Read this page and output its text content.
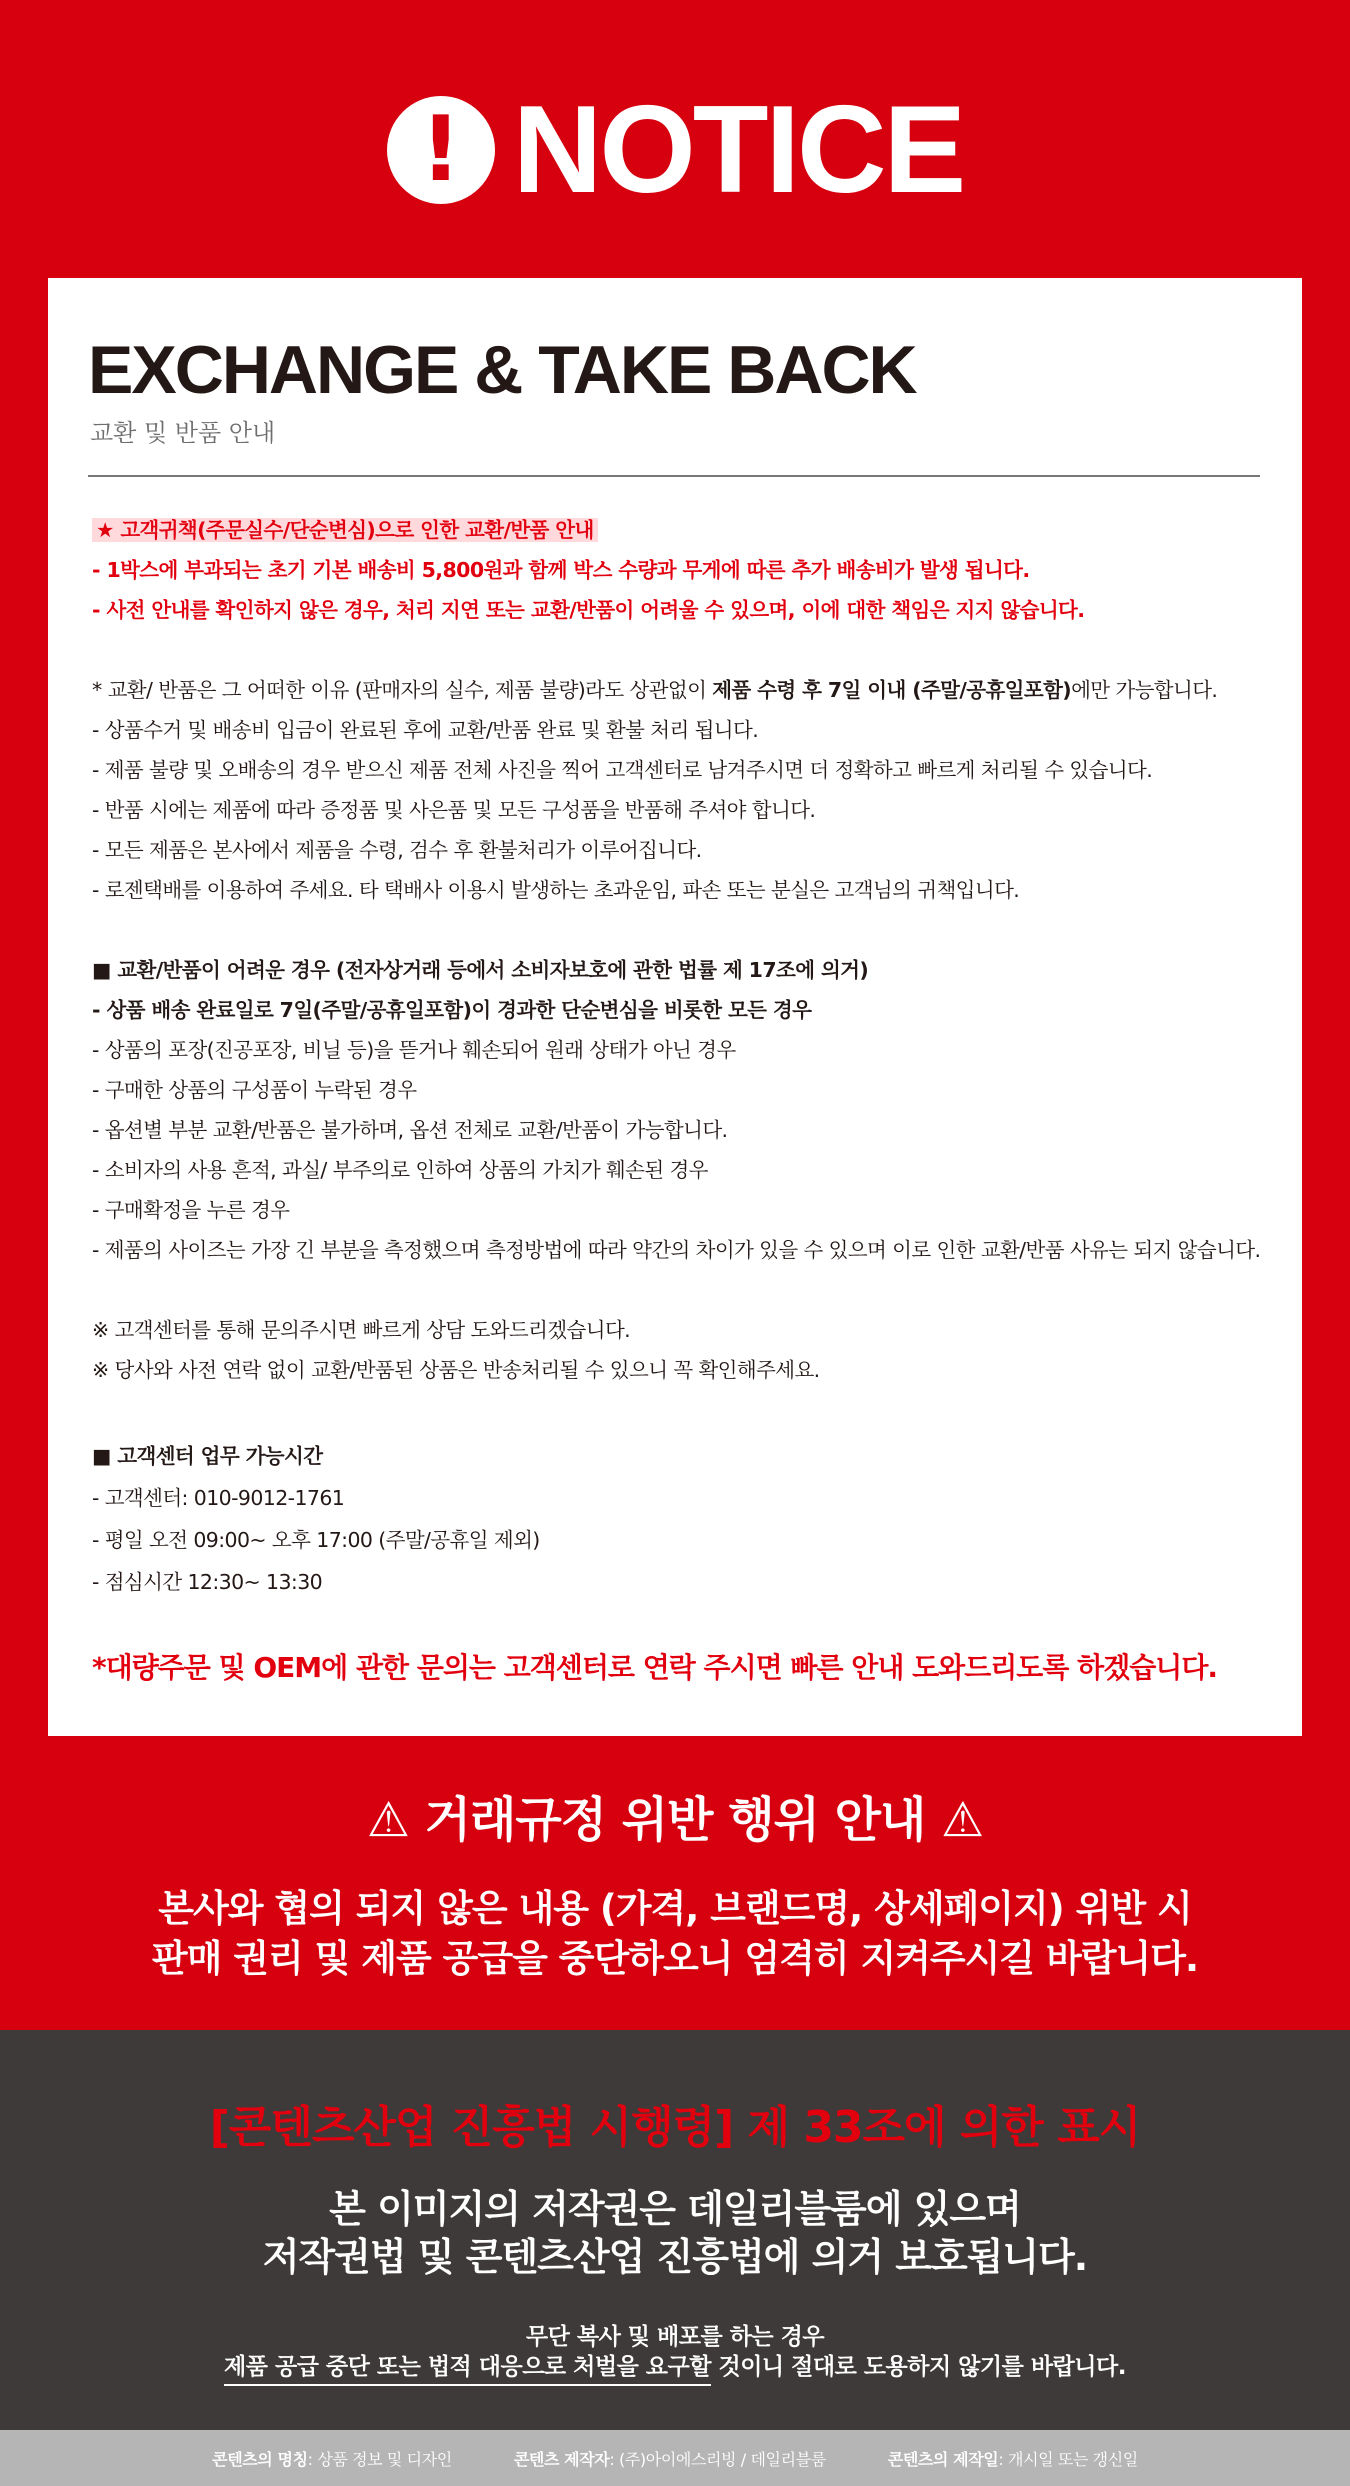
! NOTICE
EXCHANGE & TAKE BACK
교환 및 반품 안내
★ 고객귀책(주문실수/단순변심)으로 인한 교환/반품 안내
- 1박스에 부과되는 초기 기본 배송비 5,800원과 함께 박스 수량과 무게에 따른 추가 배송비가 발생 됩니다.
- 사전 안내를 확인하지 않은 경우, 처리 지연 또는 교환/반품이 어려울 수 있으며, 이에 대한 책임은 지지 않습니다.
* 교환/ 반품은 그 어떠한 이유 (판매자의 실수, 제품 불량)라도 상관없이 제품 수령 후 7일 이내 (주말/공휴일포함)에만 가능합니다.
- 상품수거 및 배송비 입금이 완료된 후에 교환/반품 완료 및 환불 처리 됩니다.
- 제품 불량 및 오배송의 경우 받으신 제품 전체 사진을 찍어 고객센터로 남겨주시면 더 정확하고 빠르게 처리될 수 있습니다.
- 반품 시에는 제품에 따라 증정품 및 사은품 및 모든 구성품을 반품해 주셔야 합니다.
- 모든 제품은 본사에서 제품을 수령, 검수 후 환불처리가 이루어집니다.
- 로젠택배를 이용하여 주세요. 타 택배사 이용시 발생하는 초과운임, 파손 또는 분실은 고객님의 귀책입니다.
■ 교환/반품이 어려운 경우 (전자상거래 등에서 소비자보호에 관한 법률 제 17조에 의거)
- 상품 배송 완료일로 7일(주말/공휴일포함)이 경과한 단순변심을 비롯한 모든 경우
- 상품의 포장(진공포장, 비닐 등)을 뜯거나 훼손되어 원래 상태가 아닌 경우
- 구매한 상품의 구성품이 누락된 경우
- 옵션별 부분 교환/반품은 불가하며, 옵션 전체로 교환/반품이 가능합니다.
- 소비자의 사용 흔적, 과실/ 부주의로 인하여 상품의 가치가 훼손된 경우
- 구매확정을 누른 경우
- 제품의 사이즈는 가장 긴 부분을 측정했으며 측정방법에 따라 약간의 차이가 있을 수 있으며 이로 인한 교환/반품 사유는 되지 않습니다.
※ 고객센터를 통해 문의주시면 빠르게 상담 도와드리겠습니다.
※ 당사와 사전 연락 없이 교환/반품된 상품은 반송처리될 수 있으니 꼭 확인해주세요.
■ 고객센터 업무 가능시간
- 고객센터: 010-9012-1761
- 평일 오전 09:00~ 오후 17:00 (주말/공휴일 제외)
- 점심시간 12:30~ 13:30
*대량주문 및 OEM에 관한 문의는 고객센터로 연락 주시면 빠른 안내 도와드리도록 하겠습니다.
⚠ 거래규정 위반 행위 안내 ⚠
본사와 협의 되지 않은 내용 (가격, 브랜드명, 상세페이지) 위반 시
판매 권리 및 제품 공급을 중단하오니 엄격히 지켜주시길 바랍니다.
[콘텐츠산업 진흥법 시행령] 제 33조에 의한 표시
본 이미지의 저작권은 데일리블룸에 있으며
저작권법 및 콘텐츠산업 진흥법에 의거 보호됩니다.
무단 복사 및 배포를 하는 경우
제품 공급 중단 또는 법적 대응으로 처벌을 요구할 것이니 절대로 도용하지 않기를 바랍니다.
콘텐츠의 명칭: 상품 정보 및 디자인	콘텐츠 제작자: (주)아이에스리빙 / 데일리블룸	콘텐츠의 제작일: 개시일 또는 갱신일
